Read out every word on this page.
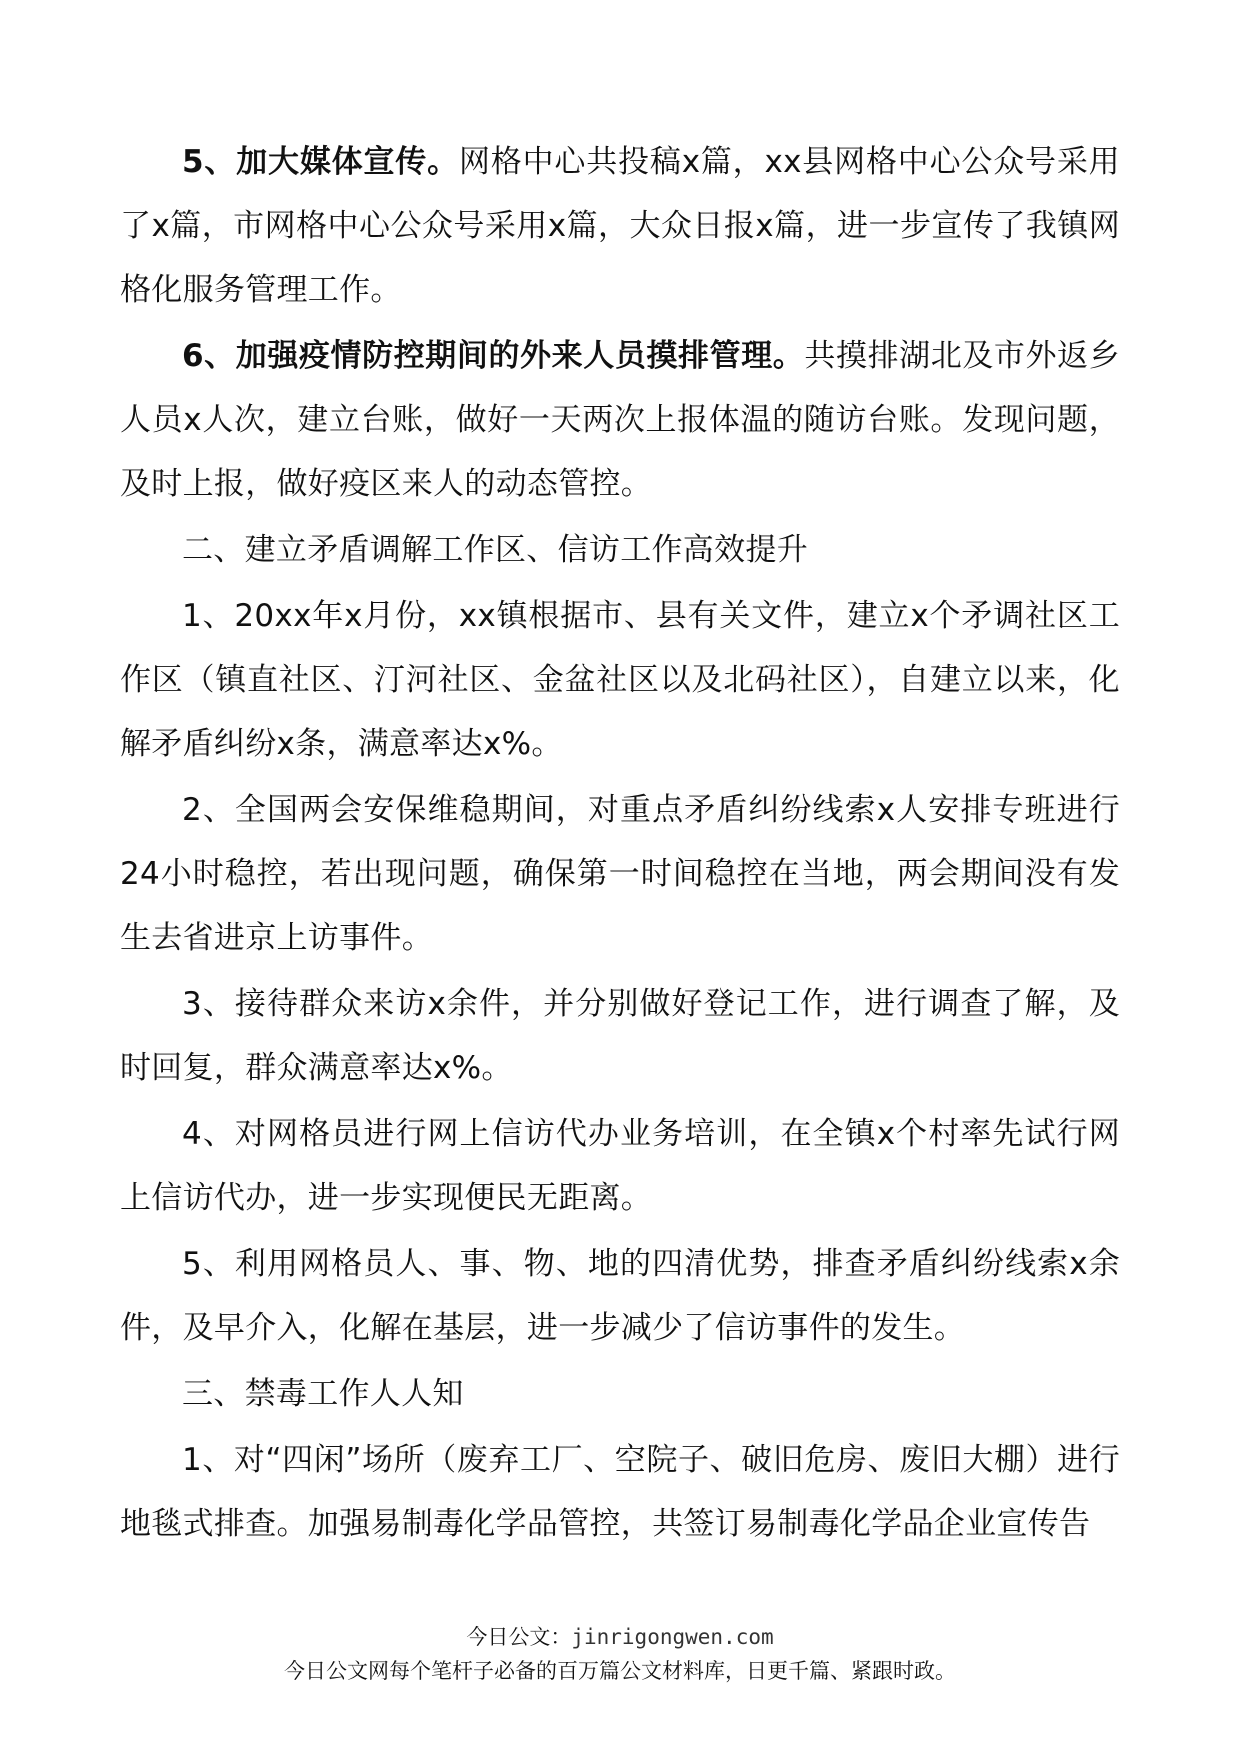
5、加大媒体宣传。网格中心共投稿x篇，xx县网格中心公众号采用了x篇，市网格中心公众号采用x篇，大众日报x篇，进一步宣传了我镇网格化服务管理工作。

6、加强疫情防控期间的外来人员摸排管理。共摸排湖北及市外返乡人员x人次，建立台账，做好一天两次上报体温的随访台账。发现问题，及时上报，做好疫区来人的动态管控。

二、建立矛盾调解工作区、信访工作高效提升

1、20xx年x月份，xx镇根据市、县有关文件，建立x个矛调社区工作区（镇直社区、汀河社区、金盆社区以及北码社区），自建立以来，化解矛盾纠纷x条，满意率达x%。

2、全国两会安保维稳期间，对重点矛盾纠纷线索x人安排专班进行24小时稳控，若出现问题，确保第一时间稳控在当地，两会期间没有发生去省进京上访事件。

3、接待群众来访x余件，并分别做好登记工作，进行调查了解，及时回复，群众满意率达x%。

4、对网格员进行网上信访代办业务培训，在全镇x个村率先试行网上信访代办，进一步实现便民无距离。

5、利用网格员人、事、物、地的四清优势，排查矛盾纠纷线索x余件，及早介入，化解在基层，进一步减少了信访事件的发生。

三、禁毒工作人人知

1、对“四闲”场所（废弃工厂、空院子、破旧危房、废旧大棚）进行地毯式排查。加强易制毒化学品管控，共签订易制毒化学品企业宣传告

今日公文：jinrigongwen.com
今日公文网每个笔杆子必备的百万篇公文材料库，日更千篇、紧跟时政。
